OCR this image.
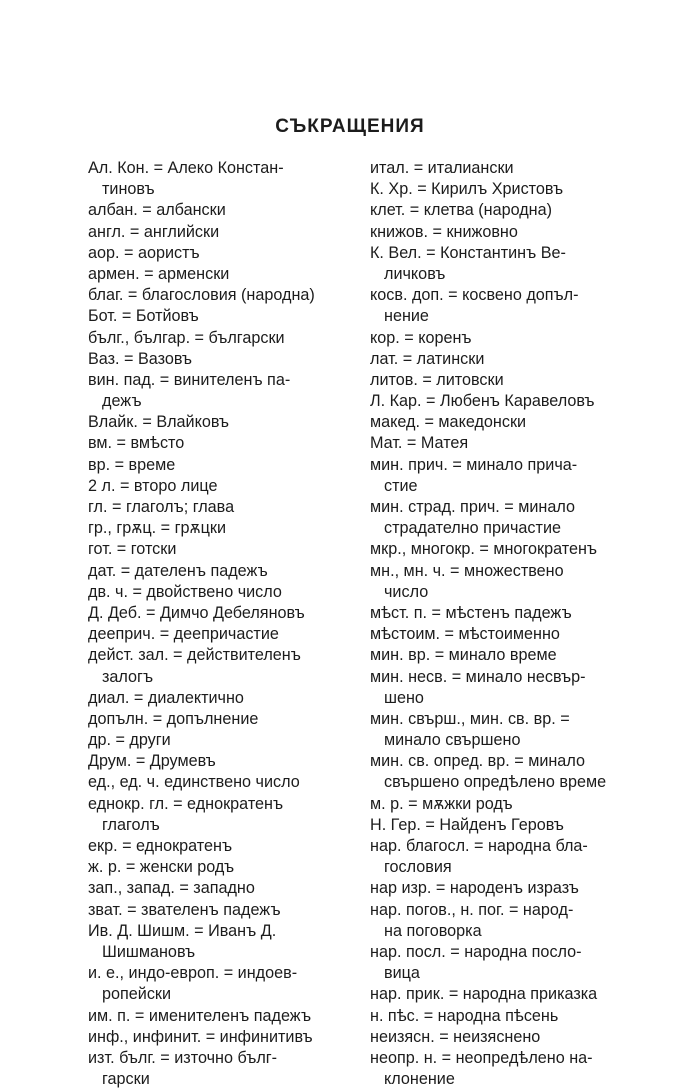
СЪКРАЩЕНИЯ
Ал. Кон. = Алеко Констан-
тиновъ
албан. = албански
англ. = английски
аор. = аористъ
армен. = арменски
благ. = благословия (народна)
Бот. = Ботйовъ
бълг., българ. = български
Ваз. = Вазовъ
вин. пад. = винителенъ па-
дежъ
Влайк. = Влайковъ
вм. = вмѣсто
вр. = време
2 л. = второ лице
гл. = глаголъ; глава
гр., грѫц. = грѫцки
гот. = готски
дат. = дателенъ падежъ
дв. ч. = двойствено число
Д. Деб. = Димчо Дебеляновъ
дееприч. = деепричастие
дейст. зал. = действителенъ
залогъ
диал. = диалектично
допълн. = допълнение
др. = други
Друм. = Друмевъ
ед., ед. ч. единствено число
еднокр. гл. = еднократенъ
глаголъ
екр. = еднократенъ
ж. р. = женски родъ
зап., запад. = западно
зват. = звателенъ падежъ
Ив. Д. Шишм. = Иванъ Д.
Шишмановъ
и. е., индо-европ. = индоев-
ропейски
им. п. = именителенъ падежъ
инф., инфинит. = инфинитивъ
изт. бълг. = източно бълг-
гарски
итал. = италиански
К. Хр. = Кирилъ Христовъ
клет. = клетва (народна)
книжов. = книжовно
К. Вел. = Константинъ Ве-
личковъ
косв. доп. = косвено допъл-
нение
кор. = коренъ
лат. = латински
литов. = литовски
Л. Кар. = Любенъ Каравеловъ
макед. = македонски
Мат. = Матея
мин. прич. = минало прича-
стие
мин. страд. прич. = минало
страдателно причастие
мкр., многокр. = многократенъ
мн., мн. ч. = множествено
число
мѣст. п. = мѣстенъ падежъ
мѣстоим. = мѣстоименно
мин. вр. = минало време
мин. несв. = минало несвър-
шено
мин. свърш., мин. св. вр. =
минало свършено
мин. св. опред. вр. = минало
свършено опредѣлено време
м. р. = мѫжки родъ
Н. Гер. = Найденъ Геровъ
нар. благосл. = народна бла-
гословия
нар изр. = народенъ изразъ
нар. погов., н. пог. = народ-
на поговорка
нар. посл. = народна посло-
вица
нар. прик. = народна приказка
н. пѣс. = народна пѣсень
неизясн. = неизяснено
неопр. н. = неопредѣлено на-
клонение
